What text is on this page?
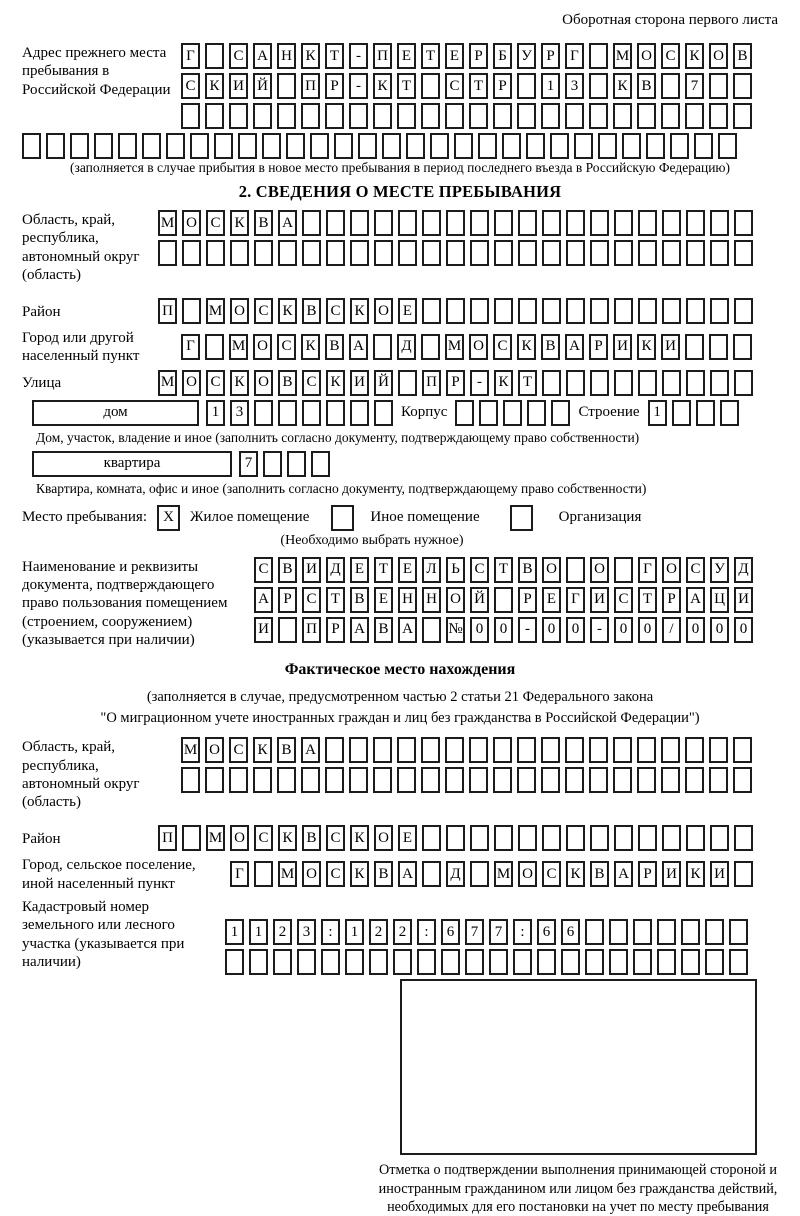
Оборотная сторона первого листа
Адрес прежнего места пребывания в Российской Федерации
Г	С А Н К Т	-	П Е Т Е	Р	Б У Р	Г	М О С К О В
С К И Й П Р	-	К Т	С Т	Р	1	3	К В	7
(заполняется в случае прибытия в новое место пребывания в период последнего въезда в Российскую Федерацию)
2. СВЕДЕНИЯ О МЕСТЕ ПРЕБЫВАНИЯ
Область, край, республика, автономный округ (область)
М О С К В А
Район	П М О С К В С К О Е
Город или другой населенный пункт
Г	М О С К В А Д М О С К В А Р И К И
Улица	М О С К О В С К И Й П Р	-	К Т
дом	1	3	Корпус	Строение 1
Дом, участок, владение и иное (заполнить согласно документу, подтверждающему право собственности)
квартира	7
Квартира, комната, офис и иное (заполнить согласно документу, подтверждающему право собственности)
Место пребывания:	X	Жилое помещение	Иное помещение	Организация
(Необходимо выбрать нужное)
Наименование и реквизиты документа, подтверждающего право пользования помещением (строением, сооружением) (указывается при наличии)
С В И Д Е Т Е Л Ь С Т В О О	Г О С У Д
А Р С Т В Е Н Н О Й	Р	Е	Г И С Т	Р А Ц И
И П Р А В А № 0	0	-	0	0	-	0	0	/	0	0	0
Фактическое место нахождения
(заполняется в случае, предусмотренном частью 2 статьи 21 Федерального закона
"О миграционном учете иностранных граждан и лиц без гражданства в Российской Федерации")
Область, край, республика, автономный округ (область)
М О С К В А
Район	П М О С К В С К О Е
Город, сельское поселение, иной населенный пункт
Г	М О С К В А Д М О С К В А Р И К И
Кадастровый номер земельного или лесного участка (указывается при наличии)
1	1	2	3	:	1	2	2	:	6	7	7	:	6	6
Отметка о подтверждении выполнения принимающей стороной и иностранным гражданином или лицом без гражданства действий, необходимых для его постановки на учет по месту пребывания
